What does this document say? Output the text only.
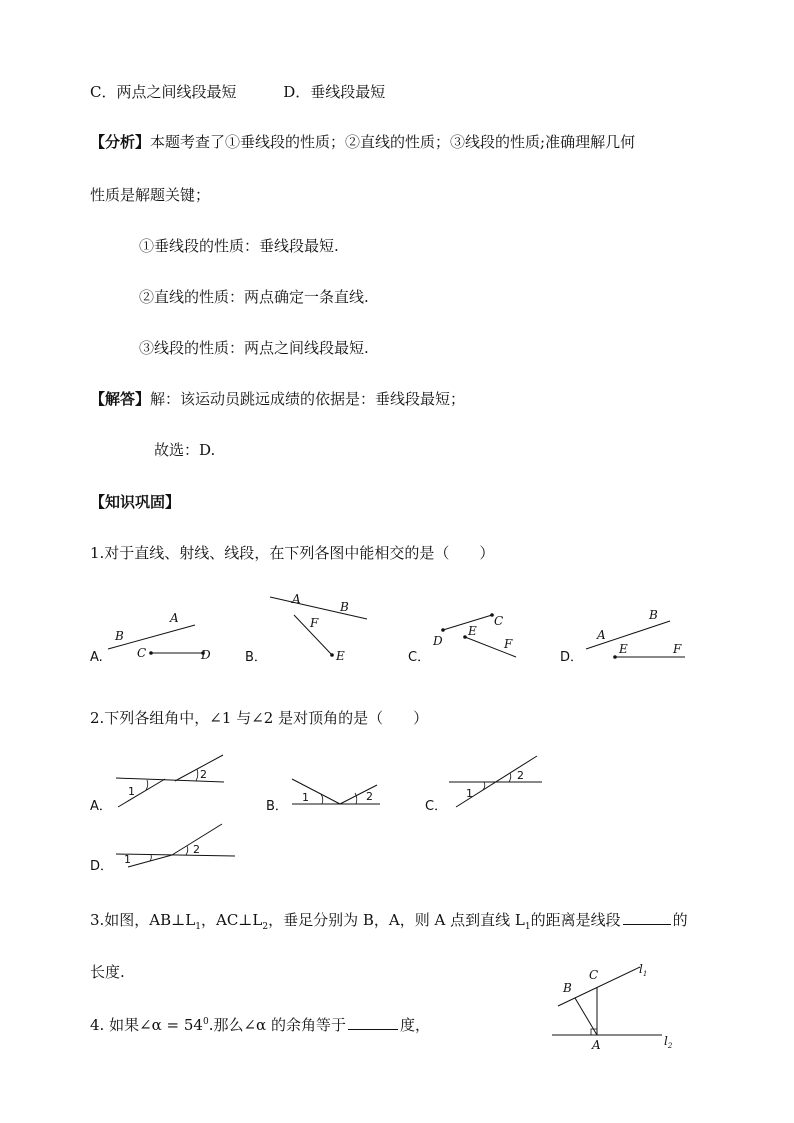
C．两点之间线段最短	D．垂线段最短
【分析】本题考查了①垂线段的性质；②直线的性质；③线段的性质;准确理解几何
性质是解题关键；
①垂线段的性质：垂线段最短.
②直线的性质：两点确定一条直线.
③线段的性质：两点之间线段最短.
【解答】解：该运动员跳远成绩的依据是：垂线段最短；
故选：D.
【知识巩固】
1.对于直线、射线、线段，在下列各图中能相交的是（　　）
A.
B
A
C	D	B．
A
B
F
E	C．
D
C
E
F
D．
A
B
E	F
2.下列各组角中，∠1 与∠2 是对顶角的是（　　）
A．
1
2
B．
1	2
C．
1
2
D． 1
2
3.如图，$AB\perp L_1$，$AC\perp L_2$，垂足分别为 B，A，则 A 点到直线 $L_1$的距离是线段	的
长度.
4. 如果∠α = $54^0$.那么∠α 的余角等于	度，
B
C
A
$l_1$
$l_2$
